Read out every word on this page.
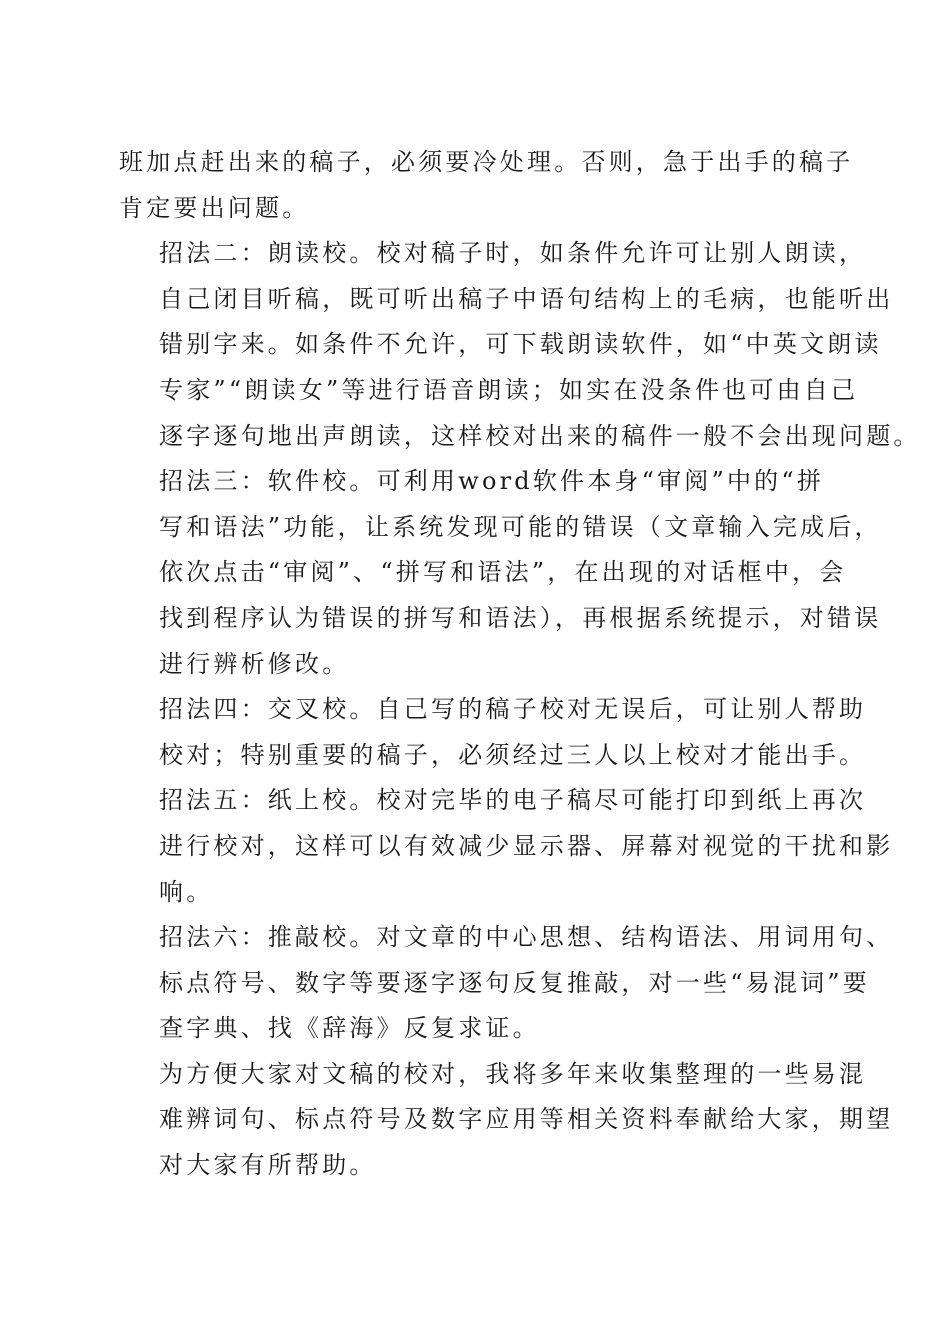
班加点赶出来的稿子，必须要冷处理。否则，急于出手的稿子
肯定要出问题。

招法二：朗读校。校对稿子时，如条件允许可让别人朗读，
自己闭目听稿，既可听出稿子中语句结构上的毛病，也能听出
错别字来。如条件不允许，可下载朗读软件，如“中英文朗读
专家”“朗读女”等进行语音朗读；如实在没条件也可由自己
逐字逐句地出声朗读，这样校对出来的稿件一般不会出现问题。

招法三：软件校。可利用word软件本身“审阅”中的“拼
写和语法”功能，让系统发现可能的错误（文章输入完成后，
依次点击“审阅”、“拼写和语法”，在出现的对话框中，会
找到程序认为错误的拼写和语法），再根据系统提示，对错误
进行辨析修改。

招法四：交叉校。自己写的稿子校对无误后，可让别人帮助
校对；特别重要的稿子，必须经过三人以上校对才能出手。

招法五：纸上校。校对完毕的电子稿尽可能打印到纸上再次
进行校对，这样可以有效减少显示器、屏幕对视觉的干扰和影
响。

招法六：推敲校。对文章的中心思想、结构语法、用词用句、
标点符号、数字等要逐字逐句反复推敲，对一些“易混词”要
查字典、找《辞海》反复求证。

为方便大家对文稿的校对，我将多年来收集整理的一些易混
难辨词句、标点符号及数字应用等相关资料奉献给大家，期望
对大家有所帮助。
